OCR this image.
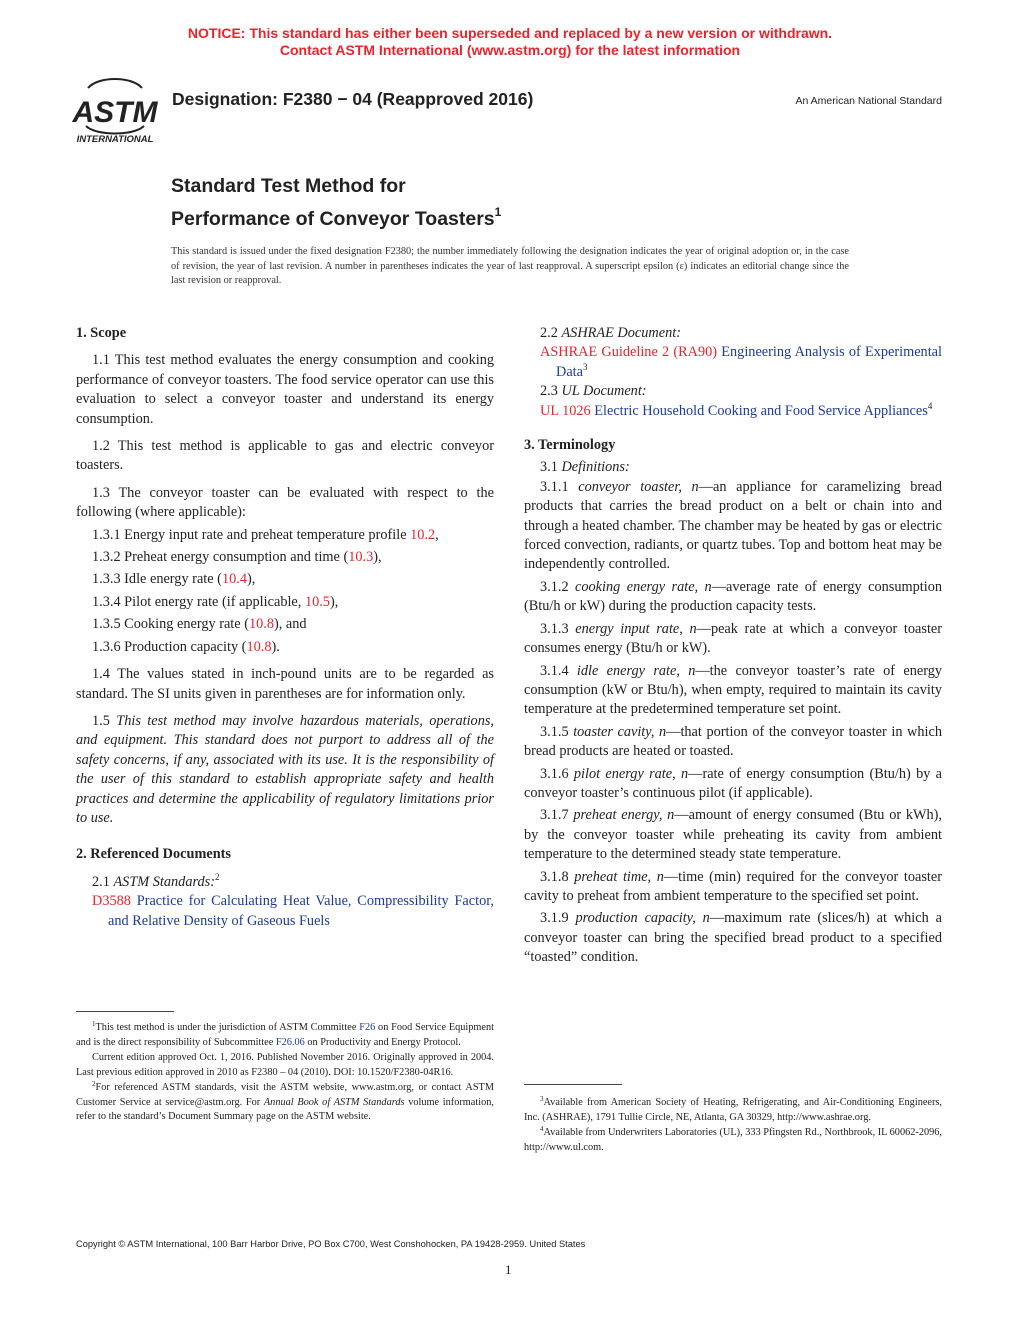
NOTICE: This standard has either been superseded and replaced by a new version or withdrawn.
Contact ASTM International (www.astm.org) for the latest information
ASTM
INTERNATIONAL
Designation: F2380 − 04 (Reapproved 2016)	An American National Standard
Standard Test Method for
Performance of Conveyor Toasters$^1$
This standard is issued under the fixed designation F2380; the number immediately following the designation indicates the year of original adoption or, in the case of revision, the year of last revision. A number in parentheses indicates the year of last reapproval. A superscript epsilon (ε) indicates an editorial change since the last revision or reapproval.

1. Scope

1.1 This test method evaluates the energy consumption and cooking performance of conveyor toasters. The food service operator can use this evaluation to select a conveyor toaster and understand its energy consumption.

1.2 This test method is applicable to gas and electric conveyor toasters.

1.3 The conveyor toaster can be evaluated with respect to the following (where applicable):

1.3.1 Energy input rate and preheat temperature profile 10.2,

1.3.2 Preheat energy consumption and time (10.3),

1.3.3 Idle energy rate (10.4),

1.3.4 Pilot energy rate (if applicable, 10.5),

1.3.5 Cooking energy rate (10.8), and

1.3.6 Production capacity (10.8).

1.4 The values stated in inch-pound units are to be regarded as standard. The SI units given in parentheses are for information only.

1.5 This test method may involve hazardous materials, operations, and equipment. This standard does not purport to address all of the safety concerns, if any, associated with its use. It is the responsibility of the user of this standard to establish appropriate safety and health practices and determine the applicability of regulatory limitations prior to use.

2. Referenced Documents

2.1 ASTM Standards:$^2$

D3588 Practice for Calculating Heat Value, Compressibility Factor, and Relative Density of Gaseous Fuels

$^1$This test method is under the jurisdiction of ASTM Committee F26 on Food Service Equipment and is the direct responsibility of Subcommittee F26.06 on Productivity and Energy Protocol.

Current edition approved Oct. 1, 2016. Published November 2016. Originally approved in 2004. Last previous edition approved in 2010 as F2380 – 04 (2010). DOI: 10.1520/F2380-04R16.

$^2$For referenced ASTM standards, visit the ASTM website, www.astm.org, or contact ASTM Customer Service at service@astm.org. For Annual Book of ASTM Standards volume information, refer to the standard’s Document Summary page on the ASTM website.

2.2 ASHRAE Document:

ASHRAE Guideline 2 (RA90) Engineering Analysis of Experimental Data$^3$

2.3 UL Document:

UL 1026 Electric Household Cooking and Food Service Appliances$^4$

3. Terminology

3.1 Definitions:

3.1.1 conveyor toaster, n—an appliance for caramelizing bread products that carries the bread product on a belt or chain into and through a heated chamber. The chamber may be heated by gas or electric forced convection, radiants, or quartz tubes. Top and bottom heat may be independently controlled.

3.1.2 cooking energy rate, n—average rate of energy consumption (Btu/h or kW) during the production capacity tests.

3.1.3 energy input rate, n—peak rate at which a conveyor toaster consumes energy (Btu/h or kW).

3.1.4 idle energy rate, n—the conveyor toaster’s rate of energy consumption (kW or Btu/h), when empty, required to maintain its cavity temperature at the predetermined temperature set point.

3.1.5 toaster cavity, n—that portion of the conveyor toaster in which bread products are heated or toasted.

3.1.6 pilot energy rate, n—rate of energy consumption (Btu/h) by a conveyor toaster’s continuous pilot (if applicable).

3.1.7 preheat energy, n—amount of energy consumed (Btu or kWh), by the conveyor toaster while preheating its cavity from ambient temperature to the determined steady state temperature.

3.1.8 preheat time, n—time (min) required for the conveyor toaster cavity to preheat from ambient temperature to the specified set point.

3.1.9 production capacity, n—maximum rate (slices/h) at which a conveyor toaster can bring the specified bread product to a specified “toasted” condition.

$^3$Available from American Society of Heating, Refrigerating, and Air-Conditioning Engineers, Inc. (ASHRAE), 1791 Tullie Circle, NE, Atlanta, GA 30329, http://www.ashrae.org.

$^4$Available from Underwriters Laboratories (UL), 333 Pfingsten Rd., Northbrook, IL 60062-2096, http://www.ul.com.

Copyright © ASTM International, 100 Barr Harbor Drive, PO Box C700, West Conshohocken, PA 19428-2959. United States
1
